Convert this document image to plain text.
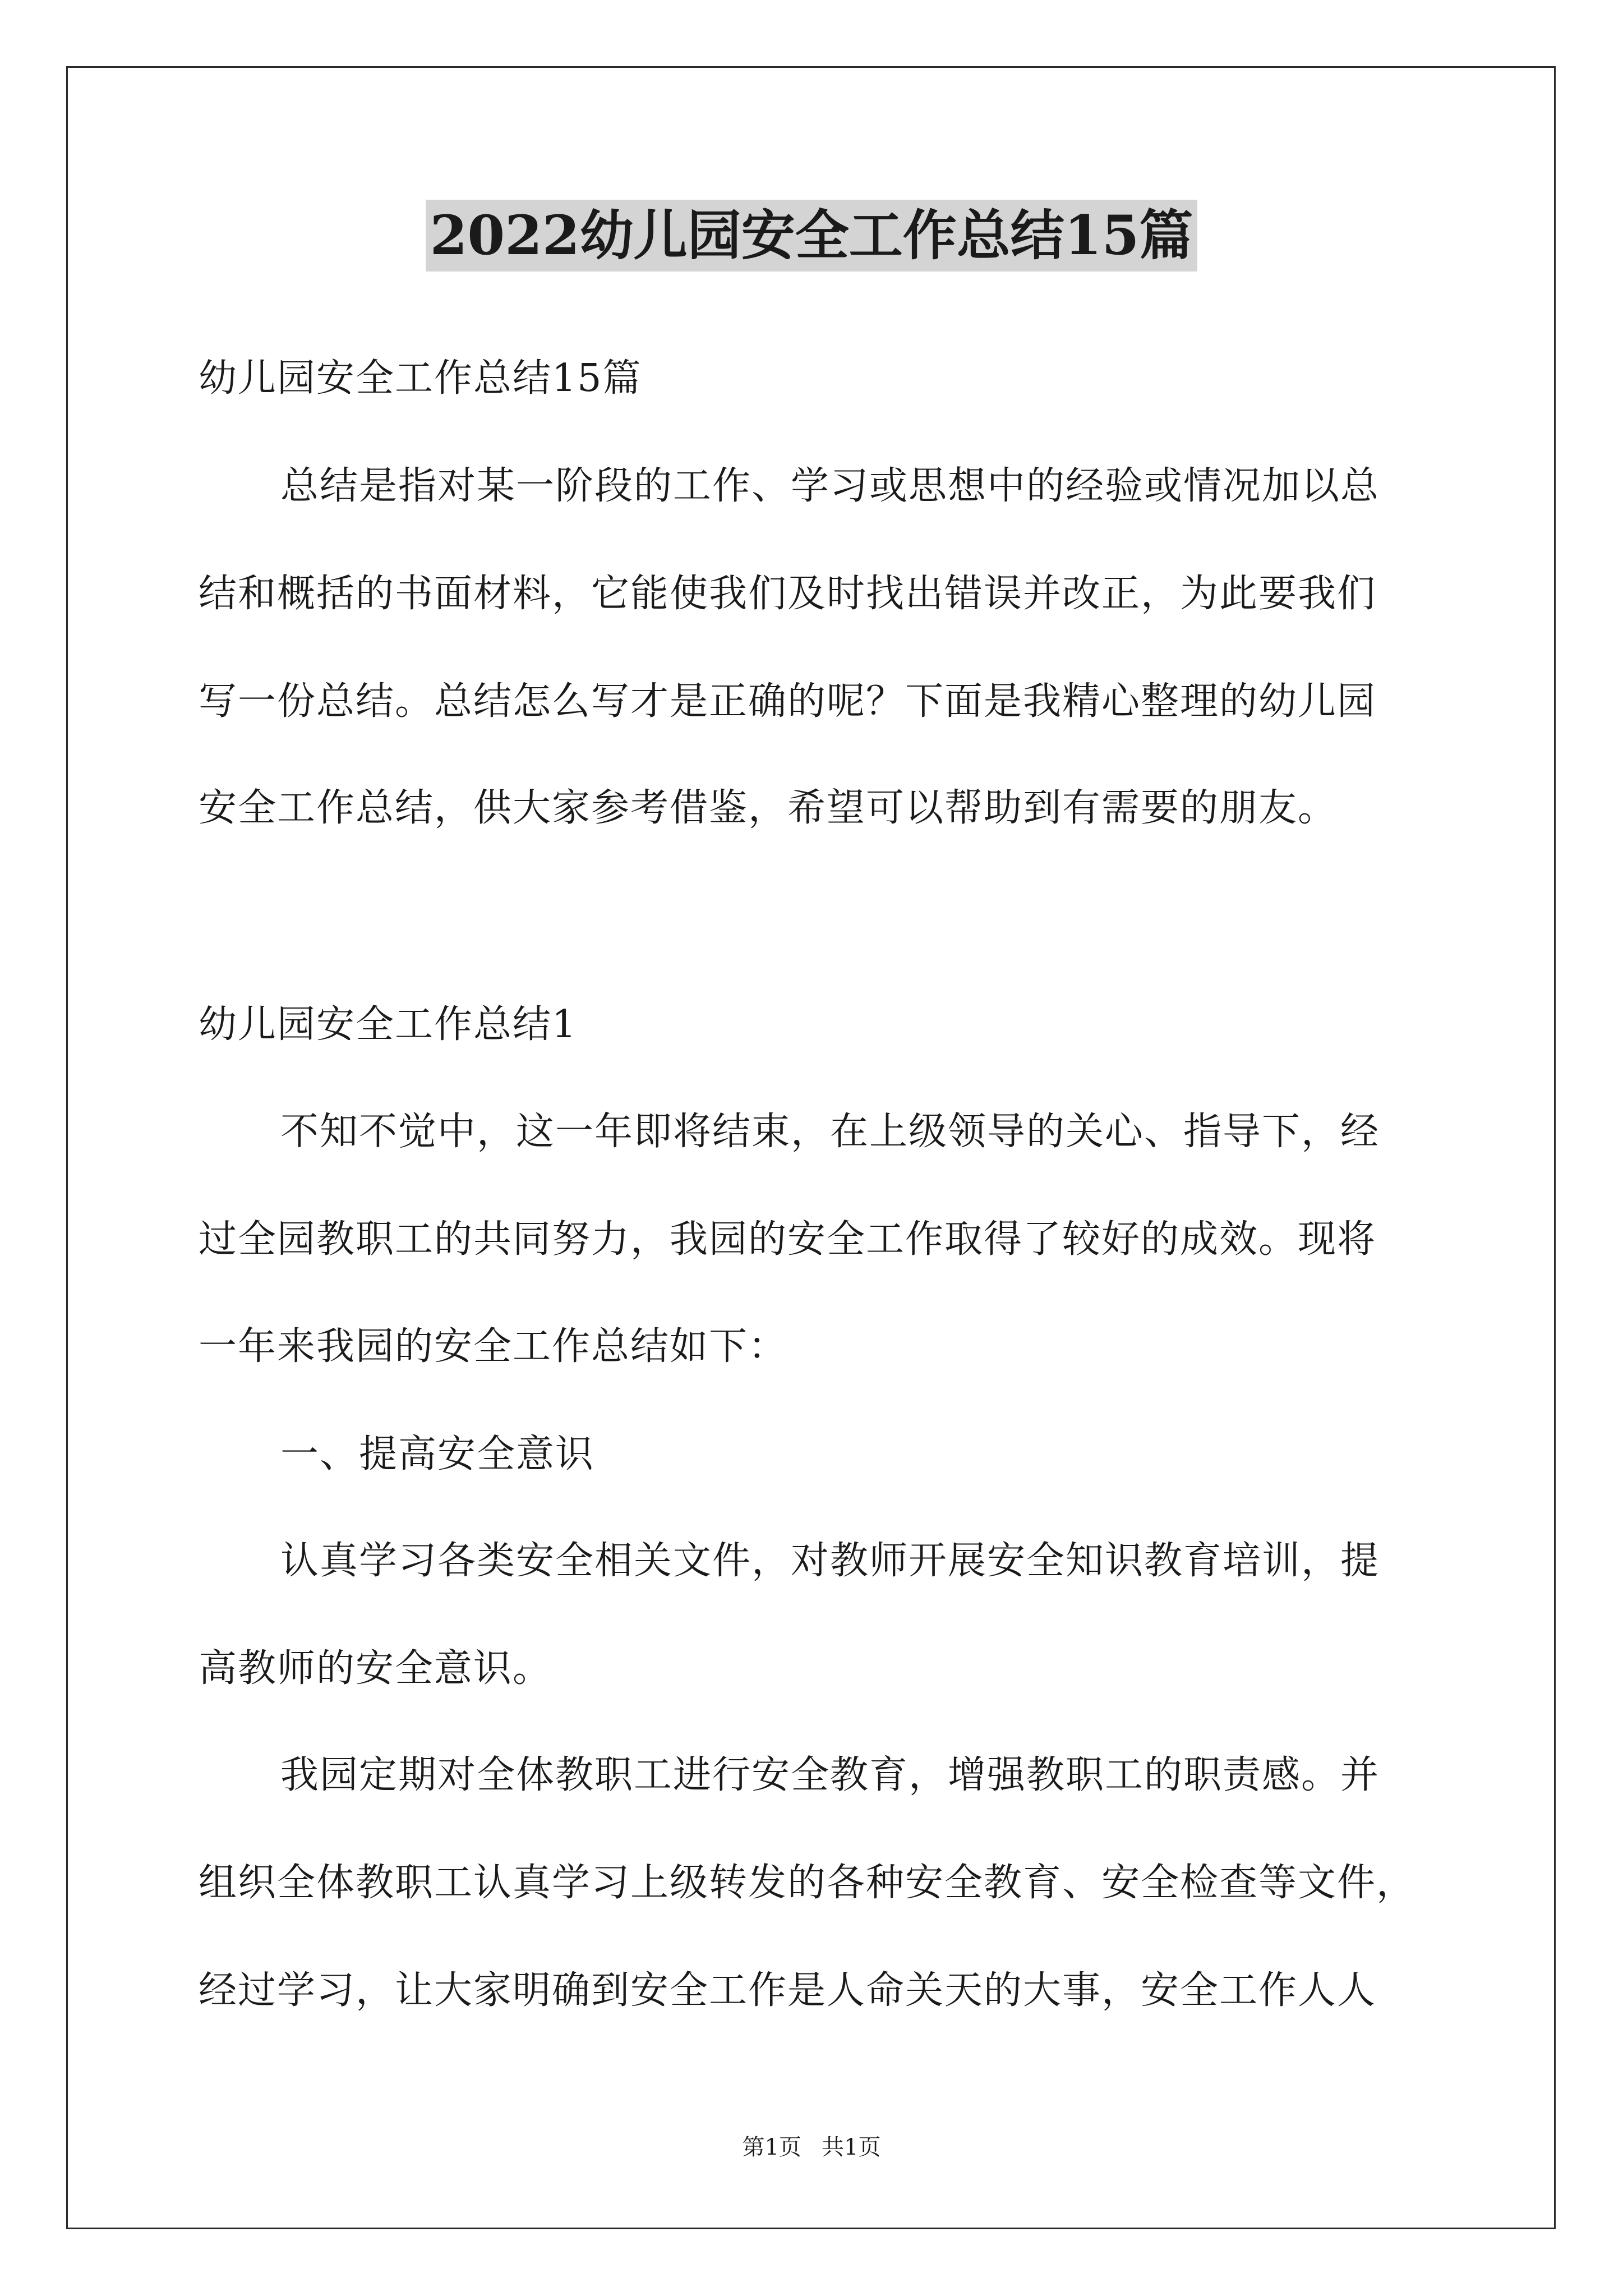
2022幼儿园安全工作总结15篇
幼儿园安全工作总结15篇
总结是指对某一阶段的工作、学习或思想中的经验或情况加以总
结和概括的书面材料，它能使我们及时找出错误并改正，为此要我们
写一份总结。总结怎么写才是正确的呢？下面是我精心整理的幼儿园
安全工作总结，供大家参考借鉴，希望可以帮助到有需要的朋友。
幼儿园安全工作总结1
不知不觉中，这一年即将结束，在上级领导的关心、指导下，经
过全园教职工的共同努力，我园的安全工作取得了较好的成效。现将
一年来我园的安全工作总结如下：
一、提高安全意识
认真学习各类安全相关文件，对教师开展安全知识教育培训，提
高教师的安全意识。
我园定期对全体教职工进行安全教育，增强教职工的职责感。并
组织全体教职工认真学习上级转发的各种安全教育、安全检查等文件，
经过学习，让大家明确到安全工作是人命关天的大事，安全工作人人
第1页 共1页
